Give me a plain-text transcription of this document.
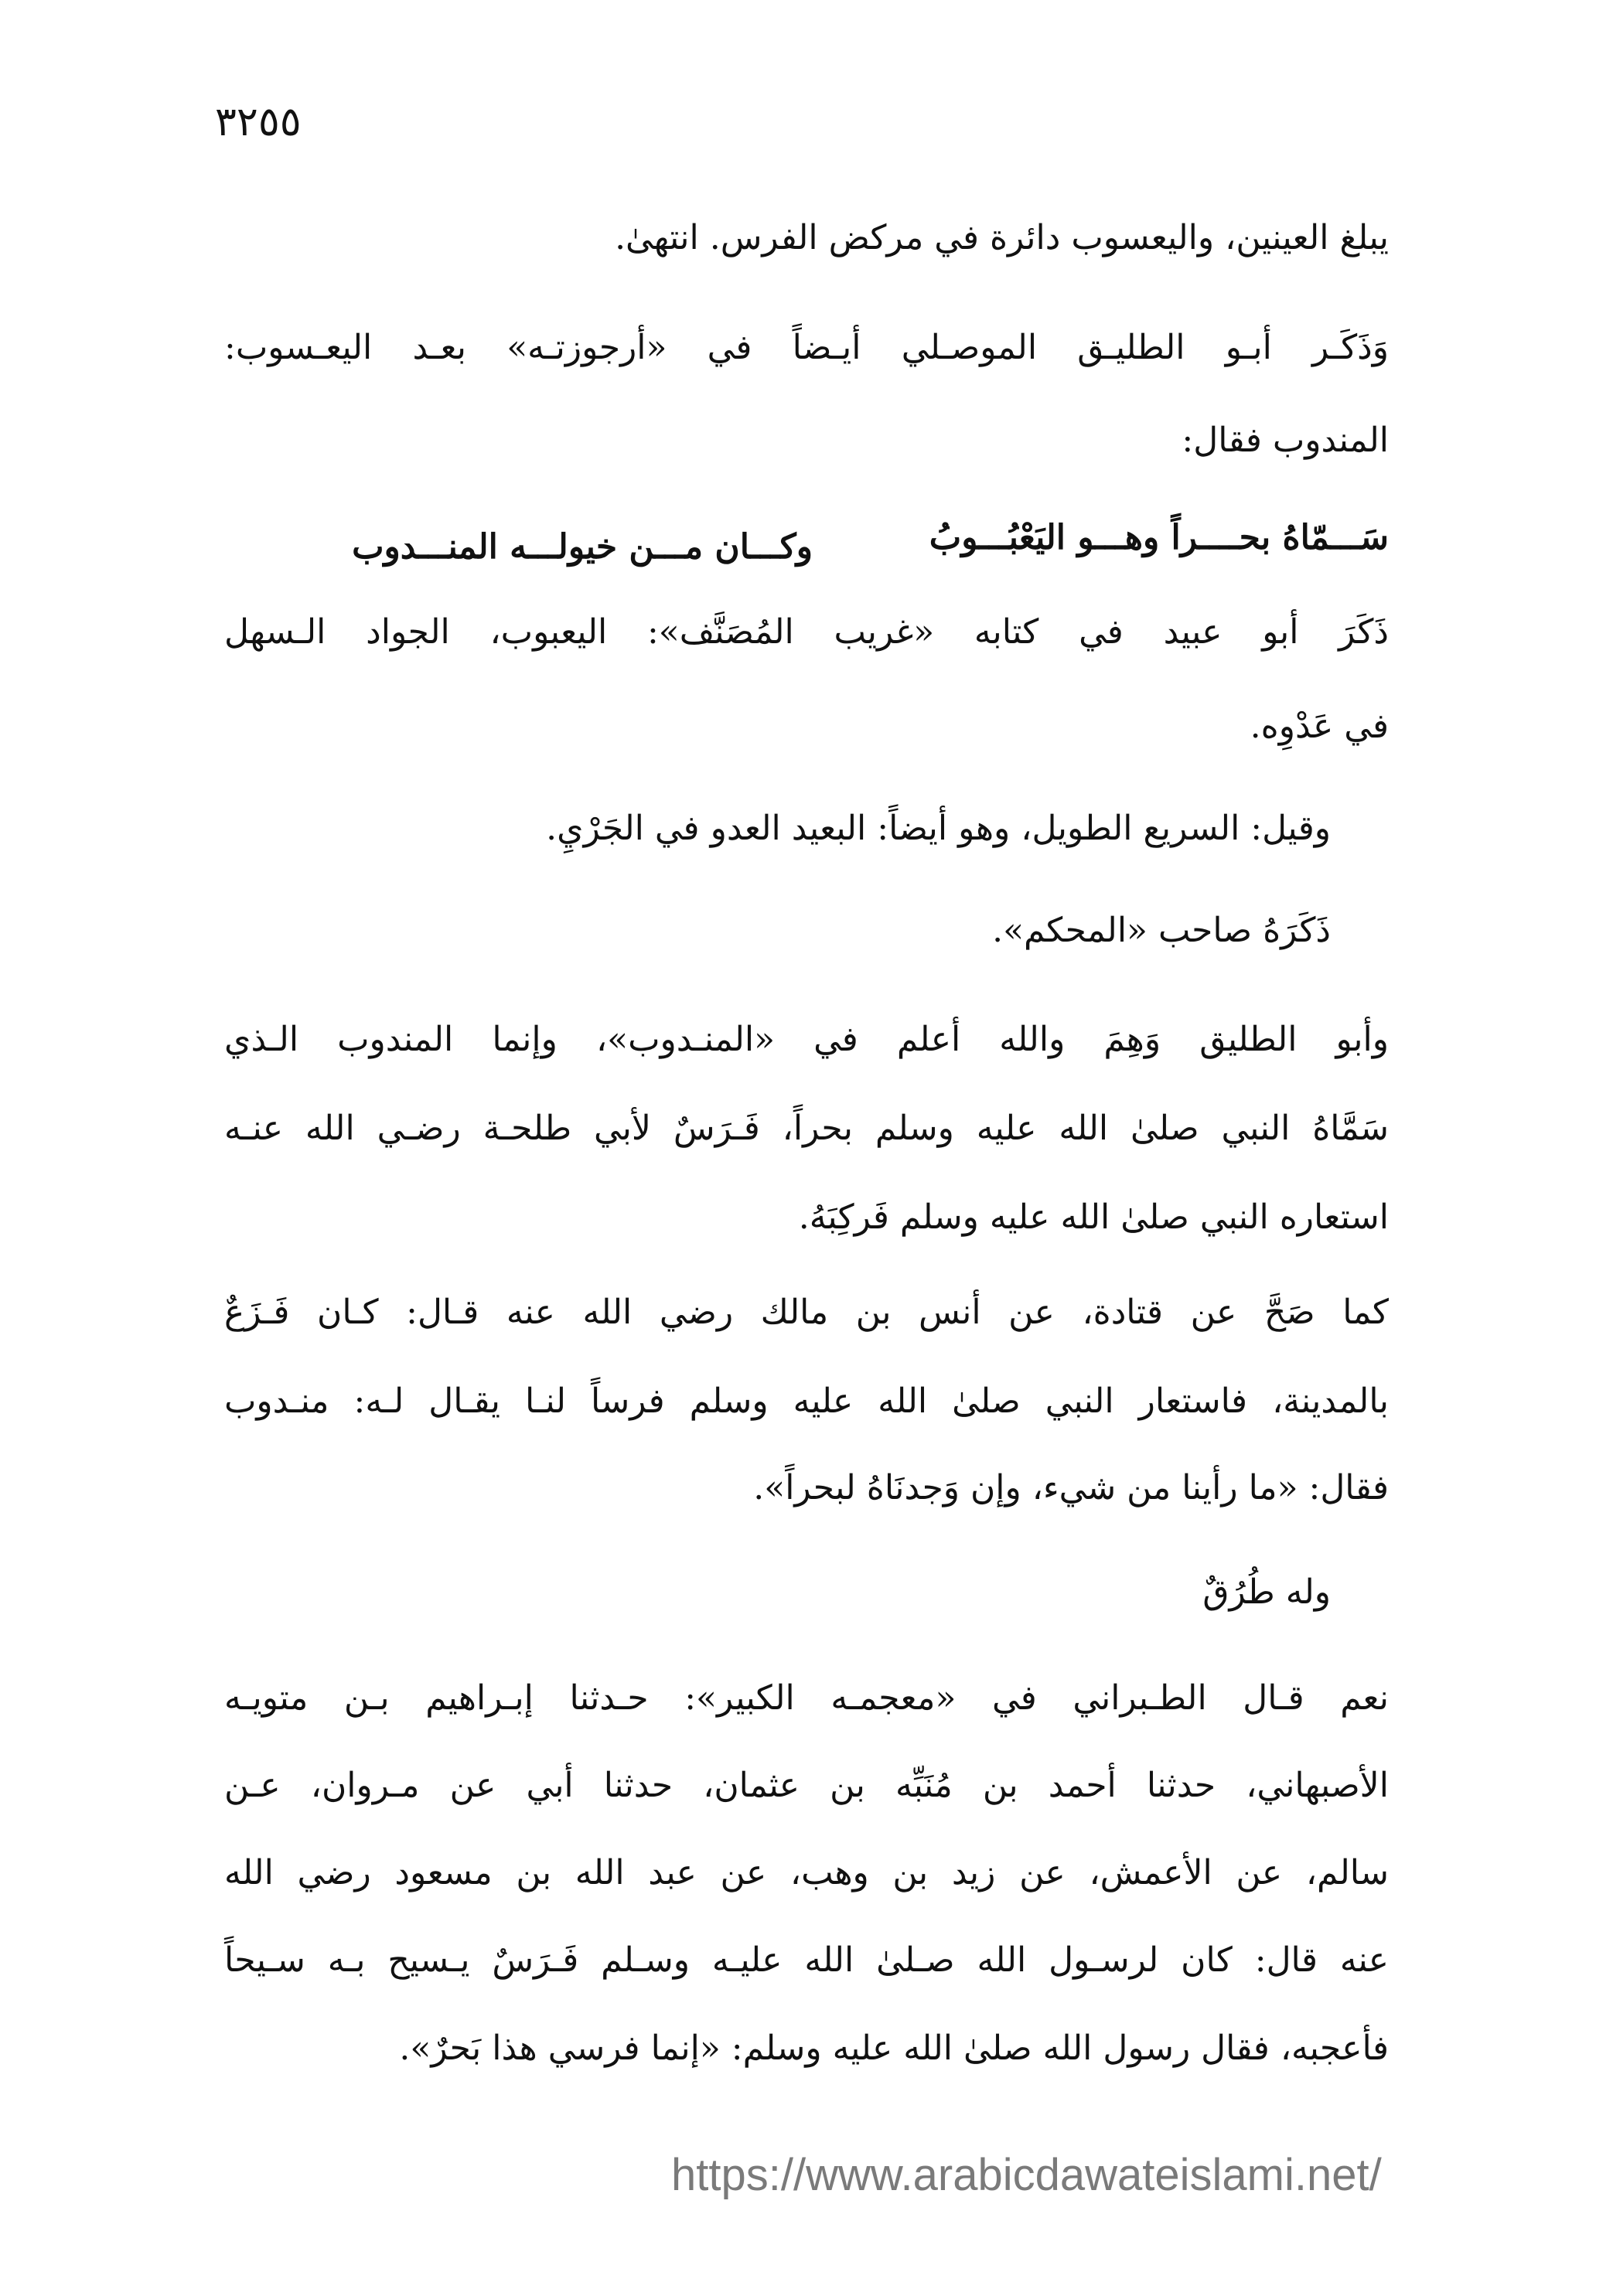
٣٢٥٥
يبلغ العينين، واليعسوب دائرة في مركض الفرس. انتهىٰ.
وَذَكَـر أبـو الطليـق الموصـلي أيـضاً في «أرجوزتـه» بعـد اليعـسوب:
المندوب فقال:
وكـــان مـــن خيولـــه المنـــدوب	سَـــمّاهُ بحــــراً وهـــو اليَعْبُـــوبُ
ذَكَرَ أبو عبيد في كتابه «غريب المُصَنَّف»: اليعبوب، الجواد الـسهل
في عَدْوِه.
وقيل: السريع الطويل، وهو أيضاً: البعيد العدو في الجَرْيِ.
ذَكَرَهُ صاحب «المحكم».
وأبو الطليق وَهِمَ والله أعلم في «المنـدوب»، وإنما المندوب الـذي
سَمَّاهُ النبي صلىٰ الله عليه وسلم بحراً، فَـرَسٌ لأبي طلحـة رضـي الله عنـه
استعاره النبي صلىٰ الله عليه وسلم فَركِبَهُ.
كما صَحَّ عن قتادة، عن أنس بن مالك رضي الله عنه قـال: كـان فَـزَعٌ
بالمدينة، فاستعار النبي صلىٰ الله عليه وسلم فرساً لنـا يقـال لـه: منـدوب
فقال: «ما رأينا من شيء، وإن وَجدنَاهُ لبحراً».
وله طُرُقٌ
نعم قـال الطـبراني في «معجمـه الكبير»: حـدثنا إبـراهيم بـن متويـه
الأصبهاني، حدثنا أحمد بن مُنَبِّه بن عثمان، حدثنا أبي عن مـروان، عـن
سالم، عن الأعمش، عن زيد بن وهب، عن عبد الله بن مسعود رضي الله
عنه قال: كان لرسـول الله صـلىٰ الله عليـه وسـلم فَـرَسٌ يـسيح بـه سـيحاً
فأعجبه، فقال رسول الله صلىٰ الله عليه وسلم: «إنما فرسي هذا بَحرٌ».
https://www.arabicdawateislami.net/
